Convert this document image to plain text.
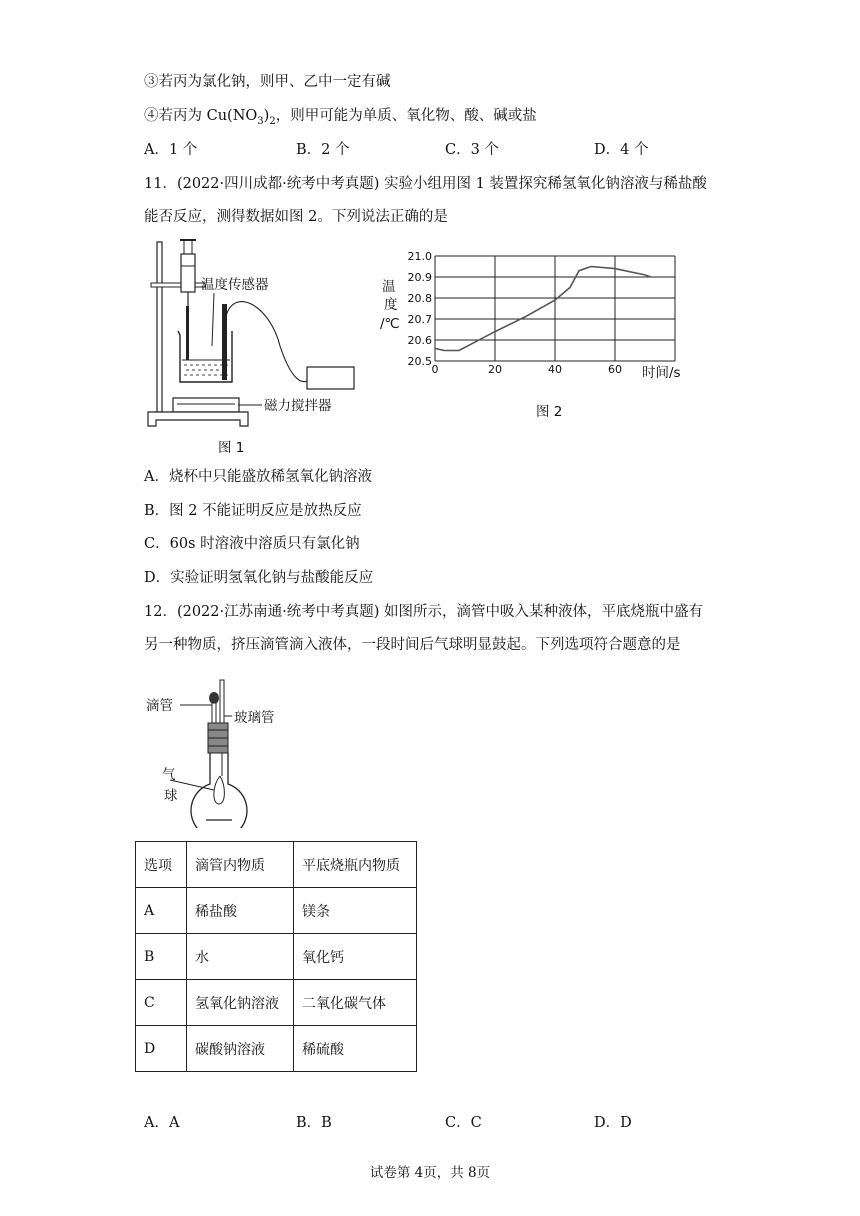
③若丙为氯化钠，则甲、乙中一定有碱
④若丙为 $Cu(NO_3)_2$，则甲可能为单质、氧化物、酸、碱或盐
A．1 个	B．2 个	C．3 个	D．4 个
11．(2022·四川成都·统考中考真题) 实验小组用图 1 装置探究稀氢氧化钠溶液与稀盐酸
能否反应，测得数据如图 2。下列说法正确的是
温度传感器
磁力搅拌器
图 1
21.0
20.9
20.8
20.7
20.6
20.5
0	20	40	60
温
度
/℃
时间/s
图 2
A．烧杯中只能盛放稀氢氧化钠溶液
B．图 2 不能证明反应是放热反应
C．60s 时溶液中溶质只有氯化钠
D．实验证明氢氧化钠与盐酸能反应
12．(2022·江苏南通·统考中考真题) 如图所示，滴管中吸入某种液体，平底烧瓶中盛有
另一种物质，挤压滴管滴入液体，一段时间后气球明显鼓起。下列选项符合题意的是
滴管
玻璃管
气
球
选项	滴管内物质	平底烧瓶内物质
A	稀盐酸	镁条
B	水	氧化钙
C	氢氧化钠溶液	二氧化碳气体
D	碳酸钠溶液	稀硫酸
A．A	B．B	C．C	D．D
试卷第 4页，共 8页
